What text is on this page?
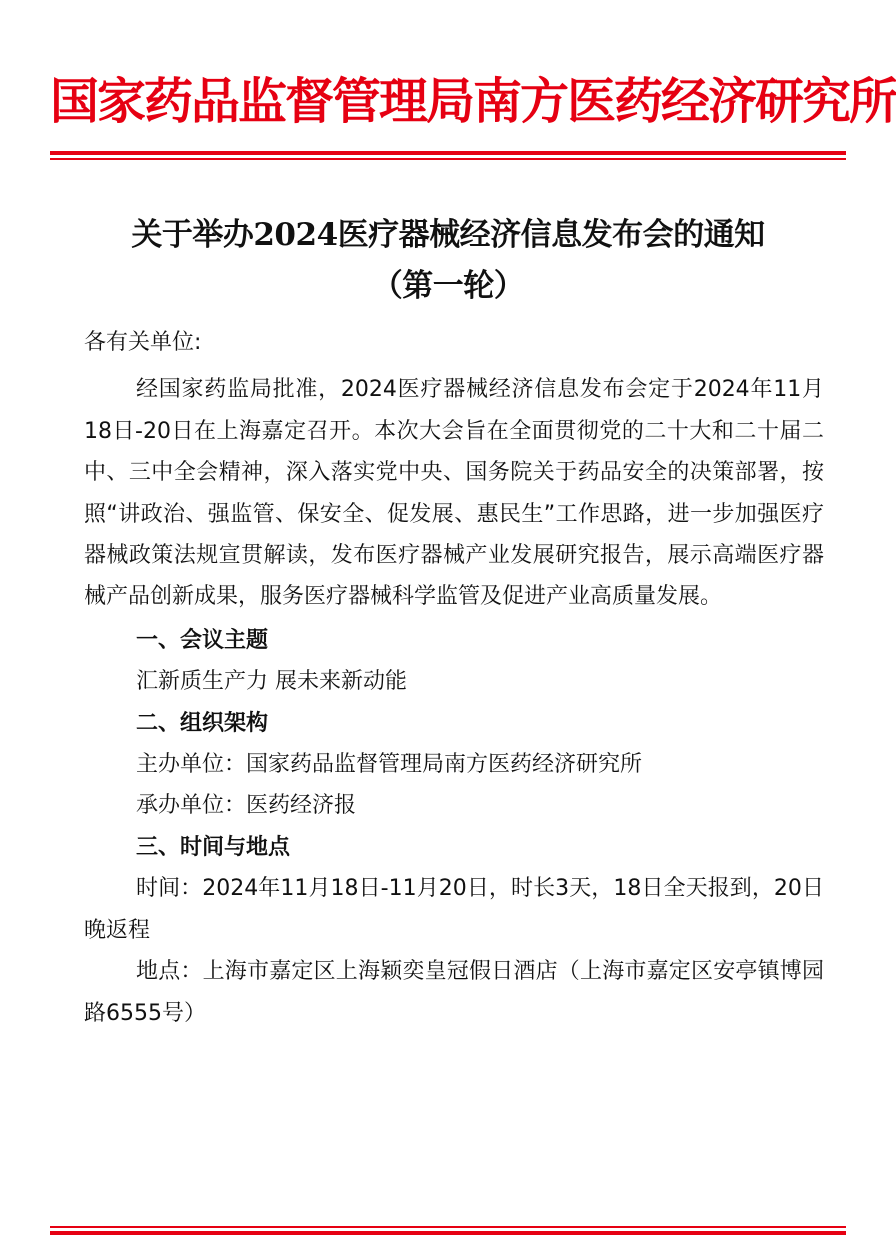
国家药品监督管理局南方医药经济研究所
关于举办2024医疗器械经济信息发布会的通知
（第一轮）

各有关单位:

经国家药监局批准，2024医疗器械经济信息发布会定于2024年11月18日-20日在上海嘉定召开。本次大会旨在全面贯彻党的二十大和二十届二中、三中全会精神，深入落实党中央、国务院关于药品安全的决策部署，按照“讲政治、强监管、保安全、促发展、惠民生”工作思路，进一步加强医疗器械政策法规宣贯解读，发布医疗器械产业发展研究报告，展示高端医疗器械产品创新成果，服务医疗器械科学监管及促进产业高质量发展。

一、会议主题

汇新质生产力 展未来新动能

二、组织架构

主办单位：国家药品监督管理局南方医药经济研究所

承办单位：医药经济报

三、时间与地点

时间：2024年11月18日-11月20日，时长3天，18日全天报到，20日晚返程

地点：上海市嘉定区上海颖奕皇冠假日酒店（上海市嘉定区安亭镇博园路6555号）
